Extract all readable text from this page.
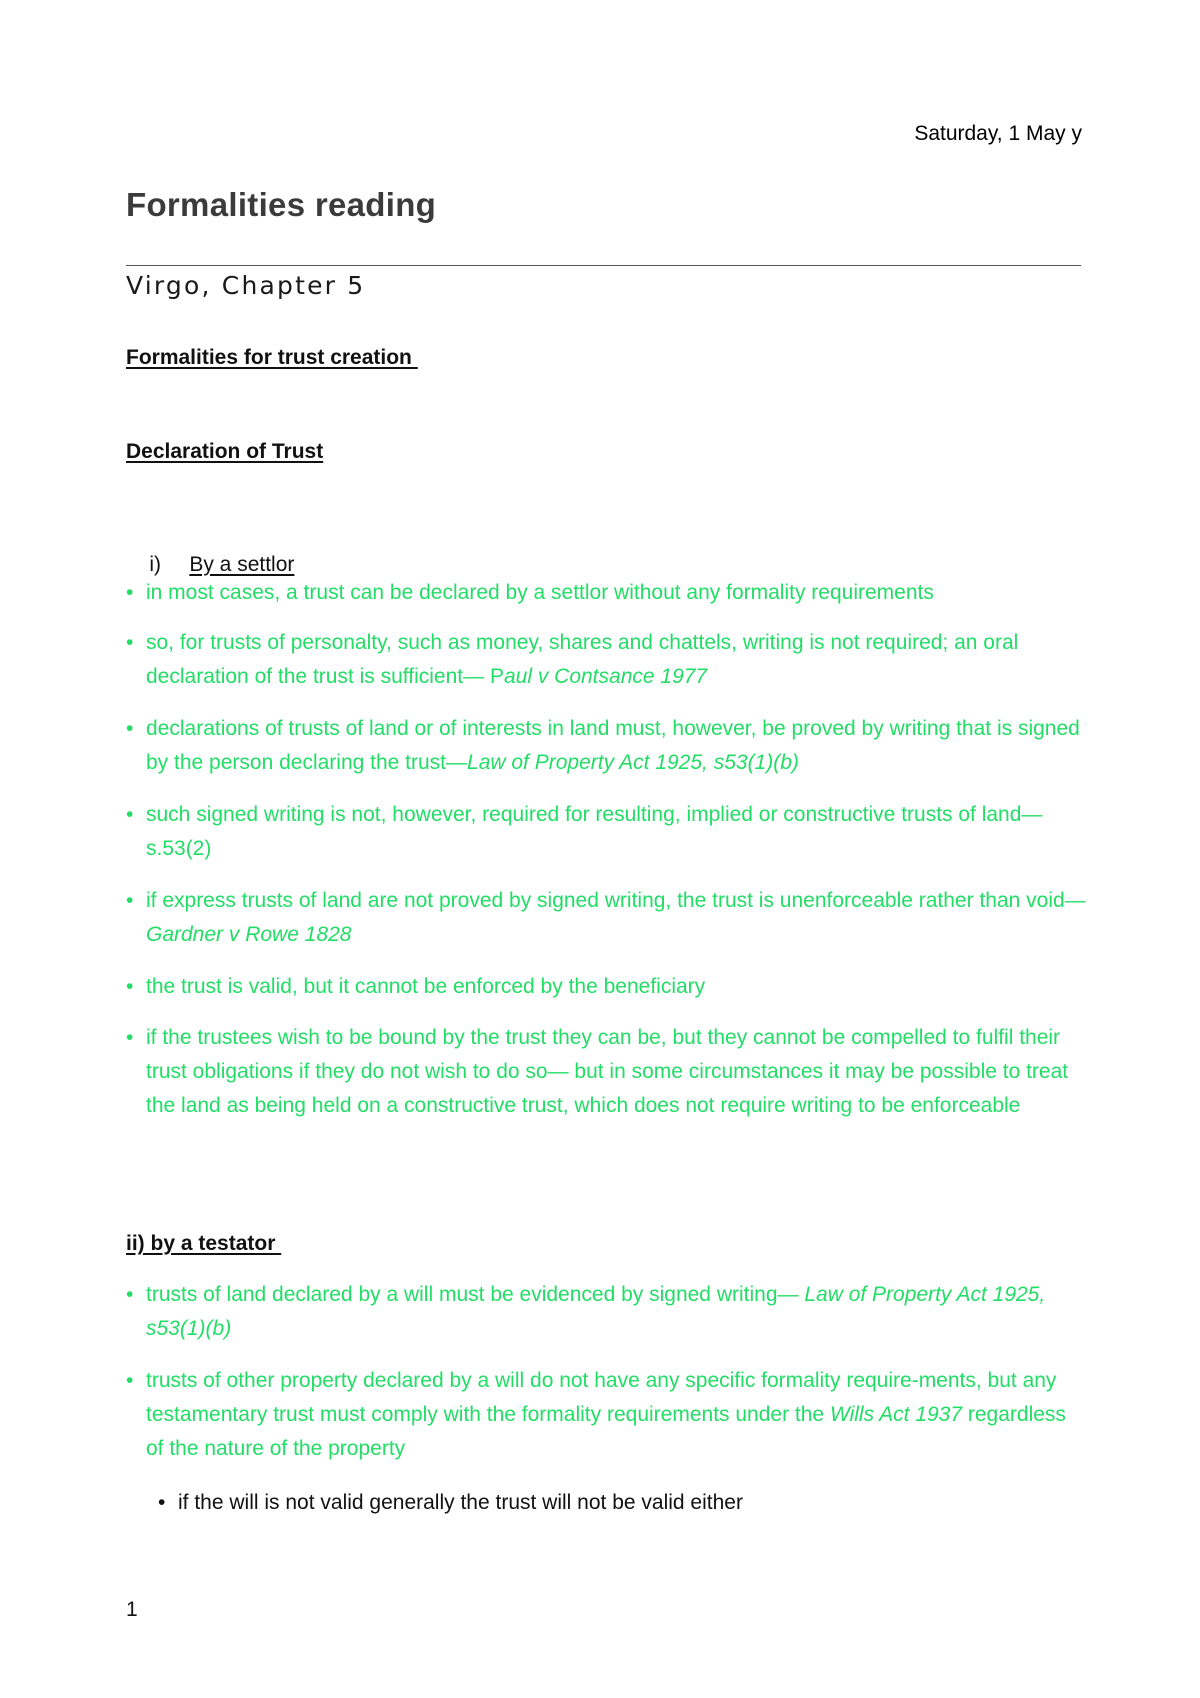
Saturday, 1 May y
Formalities reading
Virgo, Chapter 5
Formalities for trust creation
Declaration of Trust

i) By a settlor

• in most cases, a trust can be declared by a settlor without any formality requirements
• so, for trusts of personalty, such as money, shares and chattels, writing is not required; an oral declaration of the trust is sufficient— Paul v Contsance 1977
• declarations of trusts of land or of interests in land must, however, be proved by writing that is signed by the person declaring the trust—Law of Property Act 1925, s53(1)(b)
• such signed writing is not, however, required for resulting, implied or constructive trusts of land— s.53(2)
• if express trusts of land are not proved by signed writing, the trust is unenforceable rather than void— Gardner v Rowe 1828
• the trust is valid, but it cannot be enforced by the beneficiary
• if the trustees wish to be bound by the trust they can be, but they cannot be compelled to fulfil their trust obligations if they do not wish to do so— but in some circumstances it may be possible to treat the land as being held on a constructive trust, which does not require writing to be enforceable
ii) by a testator
• trusts of land declared by a will must be evidenced by signed writing— Law of Property Act 1925, s53(1)(b)
• trusts of other property declared by a will do not have any specific formality require-ments, but any testamentary trust must comply with the formality requirements under the Wills Act 1937 regardless of the nature of the property
• if the will is not valid generally the trust will not be valid either
1
